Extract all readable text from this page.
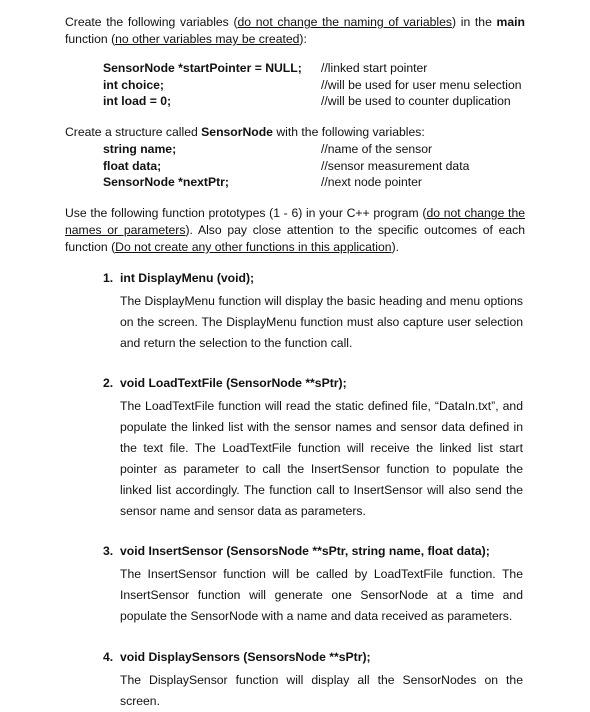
Create the following variables (do not change the naming of variables) in the main function (no other variables may be created):
SensorNode *startPointer = NULL;	//linked start pointer
int choice;	//will be used for user menu selection
int load = 0;	//will be used to counter duplication
Create a structure called SensorNode with the following variables:
string name;	//name of the sensor
float data;	//sensor measurement data
SensorNode *nextPtr;	//next node pointer
Use the following function prototypes (1 - 6) in your C++ program (do not change the names or parameters). Also pay close attention to the specific outcomes of each function (Do not create any other functions in this application).
1. int DisplayMenu (void);
The DisplayMenu function will display the basic heading and menu options on the screen. The DisplayMenu function must also capture user selection and return the selection to the function call.
2. void LoadTextFile (SensorNode **sPtr);
The LoadTextFile function will read the static defined file, “DataIn.txt”, and populate the linked list with the sensor names and sensor data defined in the text file. The LoadTextFile function will receive the linked list start pointer as parameter to call the InsertSensor function to populate the linked list accordingly. The function call to InsertSensor will also send the sensor name and sensor data as parameters.
3. void InsertSensor (SensorsNode **sPtr, string name, float data);
The InsertSensor function will be called by LoadTextFile function. The InsertSensor function will generate one SensorNode at a time and populate the SensorNode with a name and data received as parameters.
4. void DisplaySensors (SensorsNode **sPtr);
The DisplaySensor function will display all the SensorNodes on the screen.
